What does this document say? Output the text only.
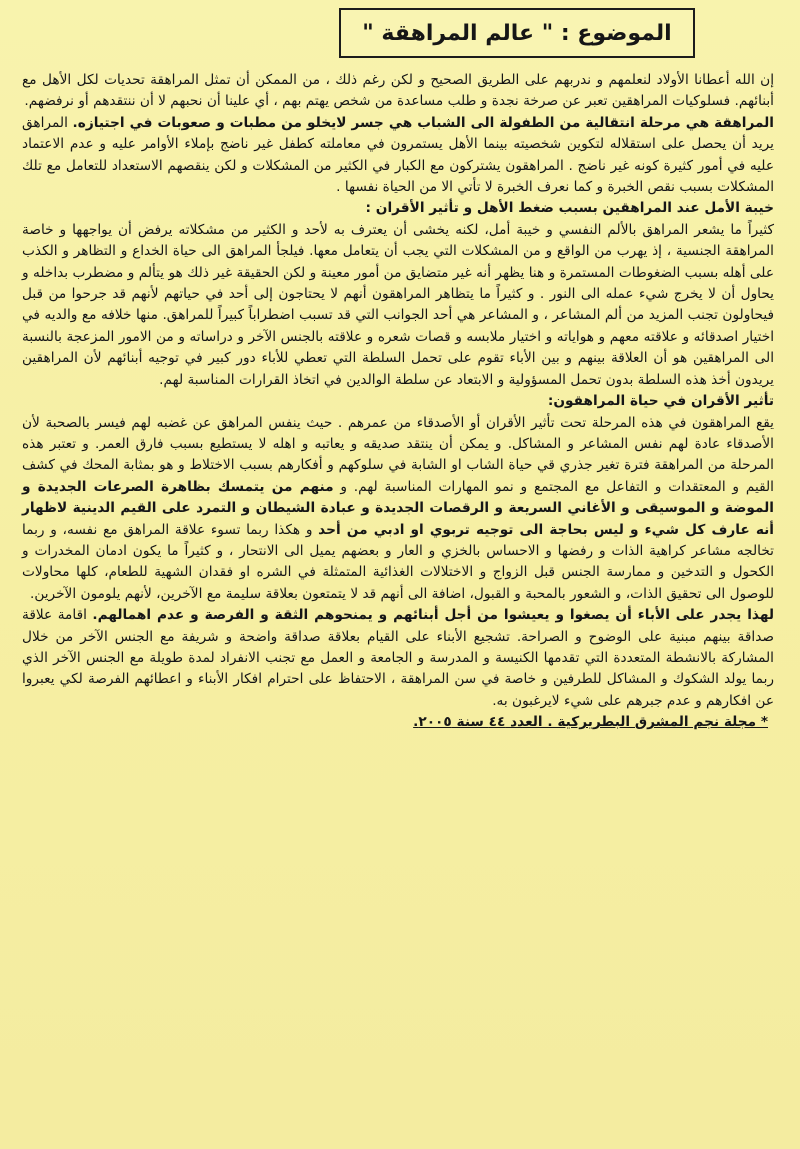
الموضوع : " عالم المراهقة "

إن الله أعطانا الأولاد لنعلمهم و ندربهم على الطريق الصحيح و لكن رغم ذلك ، من الممكن أن تمثل المراهقة تحديات لكل الأهل مع أبنائهم. فسلوكيات المراهقين تعبر عن صرخة نجدة و طلب مساعدة من شخص يهتم بهم ، أي علينا أن نحبهم لا أن ننتقدهم أو نرفضهم.

المراهقة هي مرحلة انتقالية من الطفولة الى الشباب هي جسر لايخلو من مطبات و صعوبات في اجتيازه. المراهق يريد أن يحصل على استقلاله لتكوين شخصيته بينما الأهل يستمرون في معاملته كطفل غير ناضج بإملاء الأوامر عليه و عدم الاعتماد عليه في أمور كثيرة كونه غير ناضج . المراهقون يشتركون مع الكبار في الكثير من المشكلات و لكن ينقصهم الاستعداد للتعامل مع تلك المشكلات بسبب نقص الخبرة و كما نعرف الخبرة لا تأتي الا من الحياة نفسها .

خيبة الأمل عند المراهقين بسبب ضغط الأهل و تأثير الأقران :

كثيراً ما يشعر المراهق بالألم النفسي و خيبة أمل، لكنه يخشى أن يعترف به لأحد و الكثير من مشكلاته يرفض أن يواجهها و خاصة المراهقة الجنسية ، إذ يهرب من الواقع و من المشكلات التي يجب أن يتعامل معها. فيلجأ المراهق الى حياة الخداع و التظاهر و الكذب على أهله بسبب الضغوطات المستمرة و هنا يظهر أنه غير متضايق من أمور معينة و لكن الحقيقة غير ذلك هو يتألم و مضطرب بداخله و يحاول أن لا يخرج شيء عمله الى النور . و كثيراً ما يتظاهر المراهقون أنهم لا يحتاجون إلى أحد في حياتهم لأنهم قد جرحوا من قبل فيحاولون تجنب المزيد من ألم المشاعر ، و المشاعر هي أحد الجوانب التي قد تسبب اضطراباً كبيراً للمراهق. منها خلافه مع والديه في اختيار اصدقائه و علاقته معهم و هواياته و اختيار ملابسه و قصات شعره و علاقته بالجنس الآخر و دراساته و من الامور المزعجة بالنسبة الى المراهقين هو أن العلاقة بينهم و بين الأباء تقوم على تحمل السلطة التي تعطي للأباء دور كبير في توجيه أبنائهم لأن المراهقين يريدون أخذ هذه السلطة بدون تحمل المسؤولية و الابتعاد عن سلطة الوالدين في اتخاذ القرارات المناسبة لهم.

تأثير الأقران في حياة المراهقون:

يقع المراهقون في هذه المرحلة تحت تأثير الأقران أو الأصدقاء من عمرهم . حيث ينفس المراهق عن غضبه لهم فيسر بالصحبة لأن الأصدقاء عادة لهم نفس المشاعر و المشاكل. و يمكن أن ينتقد صديقه و يعاتبه و اهله لا يستطيع بسبب فارق العمر. و تعتبر هذه المرحلة من المراهقة فترة تغير جذري قي حياة الشاب او الشابة في سلوكهم و أفكارهم بسبب الاختلاط و هو بمثابة المحك في كشف القيم و المعتقدات و التفاعل مع المجتمع و نمو المهارات المناسبة لهم. و منهم من يتمسك بظاهرة الصرعات الجديدة و الموضة و الموسيقى و الأغاني السريعة و الرقصات الجديدة و عبادة الشيطان و التمرد على القيم الدينية لاظهار أنه عارف كل شيء و ليس بحاجة الى توجيه تربوي او ادبي من أحد و هكذا ربما تسوء علاقة المراهق مع نفسه، و ربما تخالجه مشاعر كراهية الذات و رفضها و الاحساس بالخزي و العار و بعضهم يميل الى الانتحار ، و كثيراً ما يكون ادمان المخدرات و الكحول و التدخين و ممارسة الجنس قبل الزواج و الاختلالات الغذائية المتمثلة في الشره او فقدان الشهية للطعام، كلها محاولات للوصول الى تحقيق الذات، و الشعور بالمحبة و القبول، اضافة الى أنهم قد لا يتمتعون بعلاقة سليمة مع الآخرين، لأنهم يلومون الآخرين.

لهذا يجدر على الأباء أن يصغوا و يعيشوا من أجل أبنائهم و يمنحوهم الثقة و الفرصة و عدم اهمالهم. اقامة علاقة صداقة بينهم مبنية على الوضوح و الصراحة. تشجيع الأبناء على القيام بعلاقة صداقة واضحة و شريفة مع الجنس الآخر من خلال المشاركة بالانشطة المتعددة التي تقدمها الكنيسة و المدرسة و الجامعة و العمل مع تجنب الانفراد لمدة طويلة مع الجنس الآخر الذي ربما يولد الشكوك و المشاكل للطرفين و خاصة في سن المراهقة ، الاحتفاظ على احترام افكار الأبناء و اعطائهم الفرصة لكي يعبروا عن افكارهم و عدم جبرهم على شيء لايرغبون به.

* مجلة نجم المشرق البطريركية . العدد ٤٤ سنة ٢٠٠٥.
